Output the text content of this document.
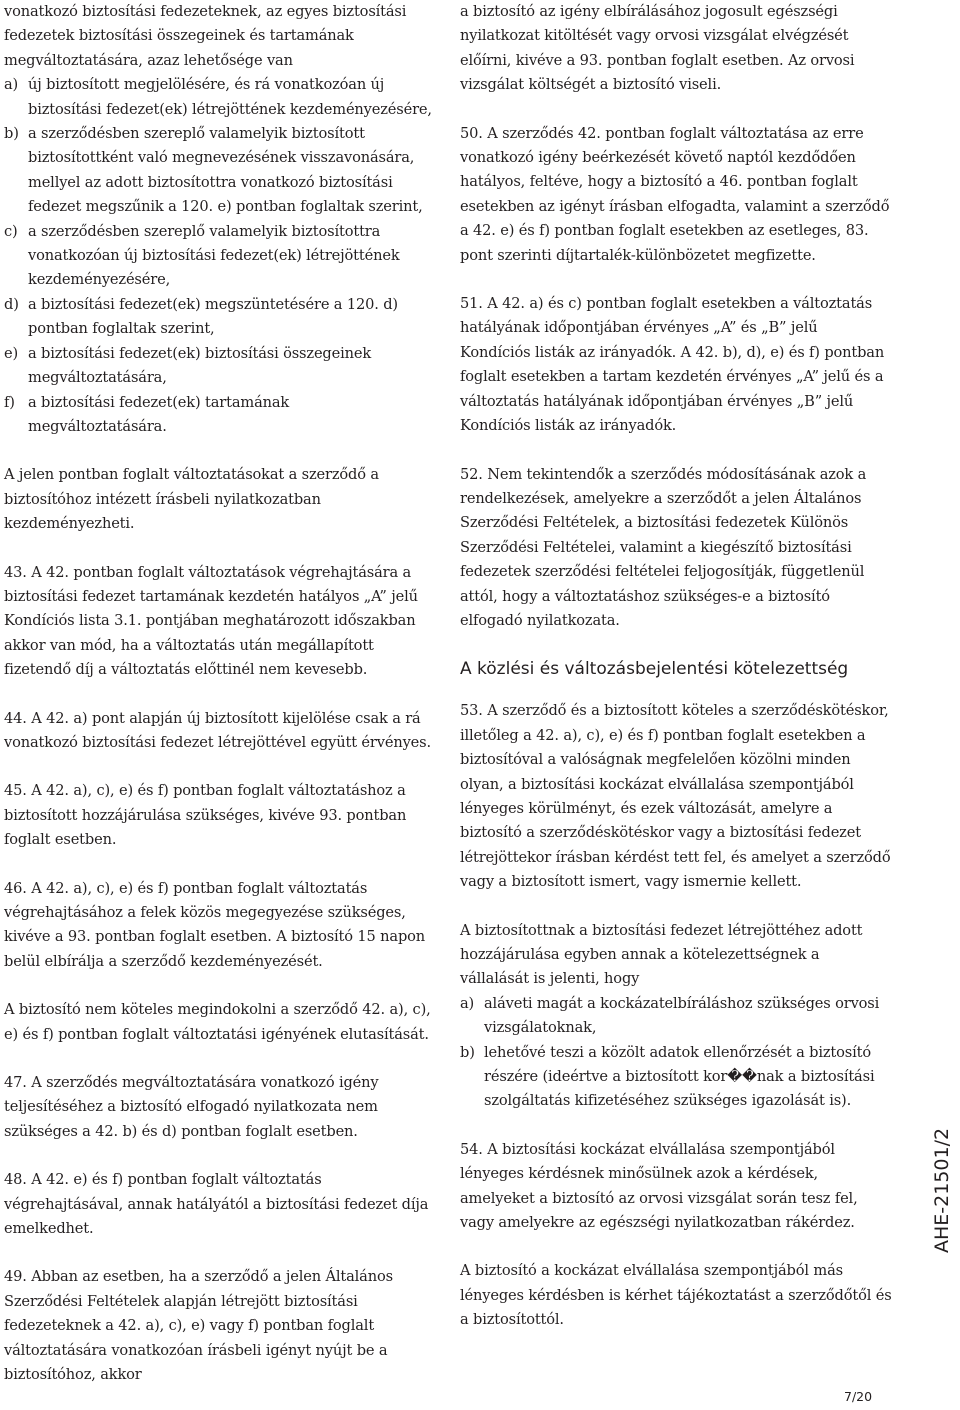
vonatkozó biztosítási fedezeteknek, az egyes biztosítási fedezetek biztosítási összegeinek és tartamának megváltoztatására, azaz lehetősége van

a) új biztosított megjelölésére, és rá vonatkozóan új biztosítási fedezet(ek) létrejöttének kezdeményezésére,
b) a szerződésben szereplő valamelyik biztosított biztosítottként való megnevezésének visszavonására, mellyel az adott biztosítottra vonatkozó biztosítási fedezet megszűnik a 120. e) pontban foglaltak szerint,
c) a szerződésben szereplő valamelyik biztosítottra vonatkozóan új biztosítási fedezet(ek) létrejöttének kezdeményezésére,
d) a biztosítási fedezet(ek) megszüntetésére a 120. d) pontban foglaltak szerint,
e) a biztosítási fedezet(ek) biztosítási összegeinek megváltoztatására,
f) a biztosítási fedezet(ek) tartamának megváltoztatására.

A jelen pontban foglalt változtatásokat a szerződő a biztosítóhoz intézett írásbeli nyilatkozatban kezdeményezheti.

43. A 42. pontban foglalt változtatások végrehajtására a biztosítási fedezet tartamának kezdetén hatályos „A” jelű Kondíciós lista 3.1. pontjában meghatározott időszakban akkor van mód, ha a változtatás után megállapított fizetendő díj a változtatás előttinél nem kevesebb.

44. A 42. a) pont alapján új biztosított kijelölése csak a rá vonatkozó biztosítási fedezet létrejöttével együtt érvényes.

45. A 42. a), c), e) és f) pontban foglalt változtatáshoz a biztosított hozzájárulása szükséges, kivéve 93. pontban foglalt esetben.

46. A 42. a), c), e) és f) pontban foglalt változtatás végrehajtásához a felek közös megegyezése szükséges, kivéve a 93. pontban foglalt esetben. A biztosító 15 napon belül elbírálja a szerződő kezdeményezését.

A biztosító nem köteles megindokolni a szerződő 42. a), c), e) és f) pontban foglalt változtatási igényének elutasítását.

47. A szerződés megváltoztatására vonatkozó igény teljesítéséhez a biztosító elfogadó nyilatkozata nem szükséges a 42. b) és d) pontban foglalt esetben.

48. A 42. e) és f) pontban foglalt változtatás végrehajtásával, annak hatályától a biztosítási fedezet díja emelkedhet.

49. Abban az esetben, ha a szerződő a jelen Általános Szerződési Feltételek alapján létrejött biztosítási fedezeteknek a 42. a), c), e) vagy f) pontban foglalt változtatására vonatkozóan írásbeli igényt nyújt be a biztosítóhoz, akkor

a biztosító az igény elbírálásához jogosult egészségi nyilatkozat kitöltését vagy orvosi vizsgálat elvégzését előírni, kivéve a 93. pontban foglalt esetben. Az orvosi vizsgálat költségét a biztosító viseli.

50. A szerződés 42. pontban foglalt változtatása az erre vonatkozó igény beérkezését követő naptól kezdődően hatályos, feltéve, hogy a biztosító a 46. pontban foglalt esetekben az igényt írásban elfogadta, valamint a szerződő a 42. e) és f) pontban foglalt esetekben az esetleges, 83. pont szerinti díjtartalék-különbözetet megfizette.

51. A 42. a) és c) pontban foglalt esetekben a változtatás hatályának időpontjában érvényes „A” és „B” jelű Kondíciós listák az irányadók. A 42. b), d), e) és f) pontban foglalt esetekben a tartam kezdetén érvényes „A” jelű és a változtatás hatályának időpontjában érvényes „B” jelű Kondíciós listák az irányadók.

52. Nem tekintendők a szerződés módosításának azok a rendelkezések, amelyekre a szerződőt a jelen Általános Szerződési Feltételek, a biztosítási fedezetek Különös Szerződési Feltételei, valamint a kiegészítő biztosítási fedezetek szerződési feltételei feljogosítják, függetlenül attól, hogy a változtatáshoz szükséges-e a biztosító elfogadó nyilatkozata.

A közlési és változásbejelentési kötelezettség

53. A szerződő és a biztosított köteles a szerződéskötéskor, illetőleg a 42. a), c), e) és f) pontban foglalt esetekben a biztosítóval a valóságnak megfelelően közölni minden olyan, a biztosítási kockázat elvállalása szempontjából lényeges körülményt, és ezek változását, amelyre a biztosító a szerződéskötéskor vagy a biztosítási fedezet létrejöttekor írásban kérdést tett fel, és amelyet a szerződő vagy a biztosított ismert, vagy ismernie kellett.

A biztosítottnak a biztosítási fedezet létrejöttéhez adott hozzájárulása egyben annak a kötelezettségnek a vállalását is jelenti, hogy

a) aláveti magát a kockázatelbíráláshoz szükséges orvosi vizsgálatoknak,
b) lehetővé teszi a közölt adatok ellenőrzését a biztosító részére (ideértve a biztosított kor��nak a biztosítási szolgáltatás kifizetéséhez szükséges igazolását is).

54. A biztosítási kockázat elvállalása szempontjából lényeges kérdésnek minősülnek azok a kérdések, amelyeket a biztosító az orvosi vizsgálat során tesz fel, vagy amelyekre az egészségi nyilatkozatban rákérdez.

A biztosító a kockázat elvállalása szempontjából más lényeges kérdésben is kérhet tájékoztatást a szerződőtől és a biztosítottól.

AHE-21501/2
7/20
